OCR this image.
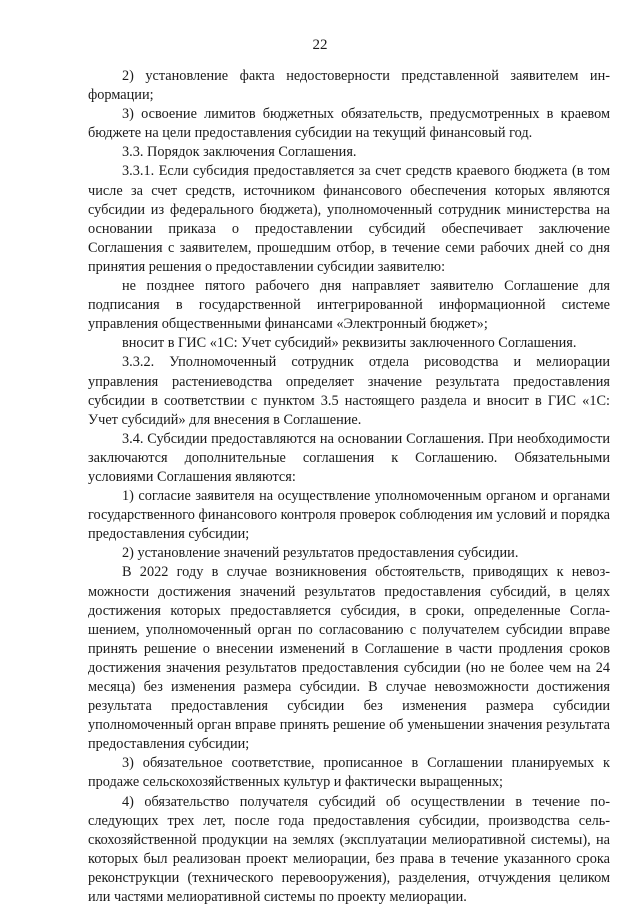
22

2) установление факта недостоверности представленной заявителем информации;

3) освоение лимитов бюджетных обязательств, предусмотренных в краевом бюджете на цели предоставления субсидии на текущий финансовый год.

3.3. Порядок заключения Соглашения.

3.3.1. Если субсидия предоставляется за счет средств краевого бюджета (в том числе за счет средств, источником финансового обеспечения которых являются субсидии из федерального бюджета), уполномоченный сотрудник министерства на основании приказа о предоставлении субсидий обеспечивает заключение Соглашения с заявителем, прошедшим отбор, в течение семи рабочих дней со дня принятия решения о предоставлении субсидии заявителю:

не позднее пятого рабочего дня направляет заявителю Соглашение для подписания в государственной интегрированной информационной системе управления общественными финансами «Электронный бюджет»;

вносит в ГИС «1С: Учет субсидий» реквизиты заключенного Соглашения.

3.3.2. Уполномоченный сотрудник отдела рисоводства и мелиорации управления растениеводства определяет значение результата предоставления субсидии в соответствии с пунктом 3.5 настоящего раздела и вносит в ГИС «1С: Учет субсидий» для внесения в Соглашение.

3.4. Субсидии предоставляются на основании Соглашения. При необходимости заключаются дополнительные соглашения к Соглашению. Обязательными условиями Соглашения являются:

1) согласие заявителя на осуществление уполномоченным органом и органами государственного финансового контроля проверок соблюдения им условий и порядка предоставления субсидии;

2) установление значений результатов предоставления субсидии.

В 2022 году в случае возникновения обстоятельств, приводящих к невозможности достижения значений результатов предоставления субсидий, в целях достижения которых предоставляется субсидия, в сроки, определенные Соглашением, уполномоченный орган по согласованию с получателем субсидии вправе принять решение о внесении изменений в Соглашение в части продления сроков достижения значения результатов предоставления субсидии (но не более чем на 24 месяца) без изменения размера субсидии. В случае невозможности достижения результата предоставления субсидии без изменения размера субсидии уполномоченный орган вправе принять решение об уменьшении значения результата предоставления субсидии;

3) обязательное соответствие, прописанное в Соглашении планируемых к продаже сельскохозяйственных культур и фактически выращенных;

4) обязательство получателя субсидий об осуществлении в течение последующих трех лет, после года предоставления субсидии, производства сельскохозяйственной продукции на землях (эксплуатации мелиоративной системы), на которых был реализован проект мелиорации, без права в течение указанного срока реконструкции (технического перевооружения), разделения, отчуждения целиком или частями мелиоративной системы по проекту мелиорации.
